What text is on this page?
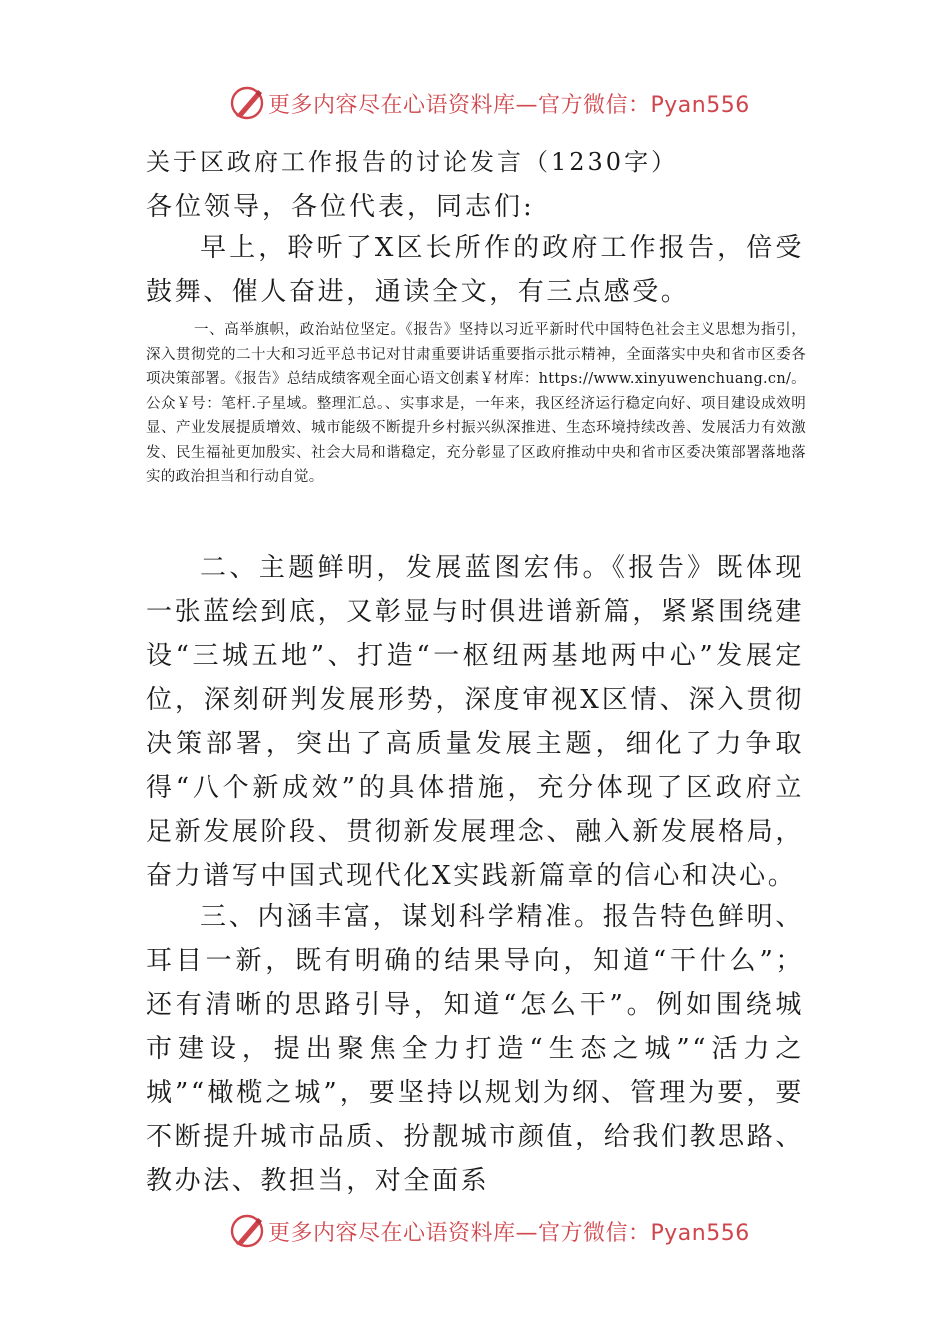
更多内容尽在心语资料库—官方微信：Pyan556
关于区政府工作报告的讨论发言（1230字）
各位领导，各位代表，同志们:

早上，聆听了X区长所作的政府工作报告，倍受鼓舞、催人奋进，通读全文，有三点感受。

一、高举旗帜，政治站位坚定。《报告》坚持以习近平新时代中国特色社会主义思想为指引，深入贯彻党的二十大和习近平总书记对甘肃重要讲话重要指示批示精神，全面落实中央和省市区委各项决策部署。《报告》总结成绩客观全面心语文创素￥材库：https://www.xinyuwenchuang.cn/。公众￥号：笔杆.子星域。整理汇总。、实事求是，一年来，我区经济运行稳定向好、项目建设成效明显、产业发展提质增效、城市能级不断提升乡村振兴纵深推进、生态环境持续改善、发展活力有效激发、民生福祉更加殷实、社会大局和谐稳定，充分彰显了区政府推动中央和省市区委决策部署落地落实的政治担当和行动自觉。

二、主题鲜明，发展蓝图宏伟。《报告》既体现一张蓝绘到底，又彰显与时俱进谱新篇，紧紧围绕建设“三城五地”、打造“一枢纽两基地两中心”发展定位，深刻研判发展形势，深度审视X区情、深入贯彻决策部署，突出了高质量发展主题，细化了力争取得“八个新成效”的具体措施，充分体现了区政府立足新发展阶段、贯彻新发展理念、融入新发展格局，奋力谱写中国式现代化X实践新篇章的信心和决心。

三、内涵丰富，谋划科学精准。报告特色鲜明、耳目一新，既有明确的结果导向，知道“干什么”；还有清晰的思路引导，知道“怎么干”。例如围绕城市建设，提出聚焦全力打造“生态之城”“活力之城”“橄榄之城”，要坚持以规划为纲、管理为要，要不断提升城市品质、扮靓城市颜值，给我们教思路、教办法、教担当，对全面系

更多内容尽在心语资料库—官方微信：Pyan556
